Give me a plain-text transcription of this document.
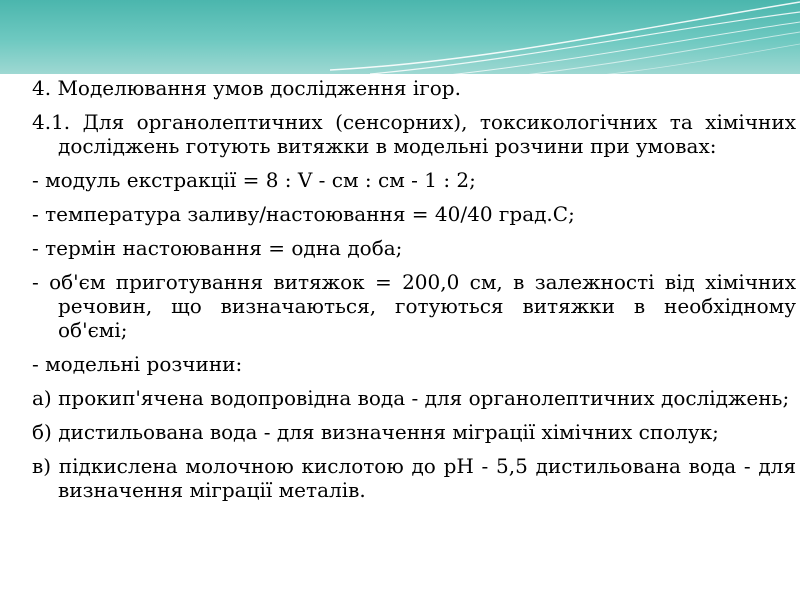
4. Моделювання умов дослідження ігор.

4.1. Для органолептичних (сенсорних), токсикологічних та хімічних досліджень готують витяжки в модельні розчини при умовах:

- модуль екстракції = 8 : V - см : см - 1 : 2;

- температура заливу/настоювання = 40/40 град.С;

- термін настоювання = одна доба;

- об'єм приготування витяжок = 200,0 см, в залежності від хімічних речовин, що визначаються, готуються витяжки в необхідному об'ємі;

- модельні розчини:

а) прокип'ячена водопровідна вода - для органолептичних досліджень;

б) дистильована вода - для визначення міграції хімічних сполук;

в) підкислена молочною кислотою до рН - 5,5 дистильована вода - для визначення міграції металів.
